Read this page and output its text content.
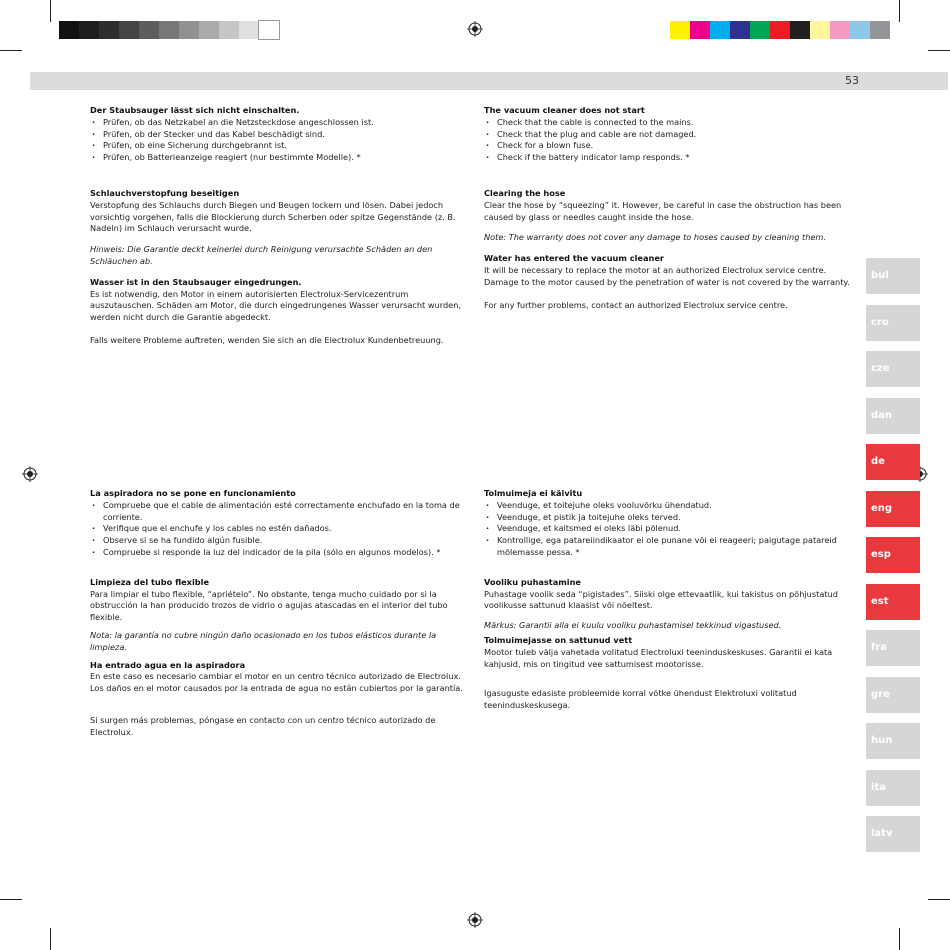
53
Der Staubsauger lässt sich nicht einschalten.
· Prüfen, ob das Netzkabel an die Netzsteckdose angeschlossen ist.
· Prüfen, ob der Stecker und das Kabel beschädigt sind.
· Prüfen, ob eine Sicherung durchgebrannt ist.
· Prüfen, ob Batterieanzeige reagiert (nur bestimmte Modelle). *
Schlauchverstopfung beseitigen

Verstopfung des Schlauchs durch Biegen und Beugen lockern und lösen. Dabei jedoch vorsichtig vorgehen, falls die Blockierung durch Scherben oder spitze Gegenstände (z. B. Nadeln) im Schlauch verursacht wurde.

Hinweis: Die Garantie deckt keinerlei durch Reinigung verursachte Schäden an den Schläuchen ab.

Wasser ist in den Staubsauger eingedrungen.

Es ist notwendig, den Motor in einem autorisierten Electrolux-Servicezentrum auszutauschen. Schäden am Motor, die durch eingedrungenes Wasser verursacht wurden, werden nicht durch die Garantie abgedeckt.

Falls weitere Probleme auftreten, wenden Sie sich an die Electrolux Kundenbetreuung.

The vacuum cleaner does not start
· Check that the cable is connected to the mains.
· Check that the plug and cable are not damaged.
· Check for a blown fuse.
· Check if the battery indicator lamp responds. *
Clearing the hose

Clear the hose by “squeezing” it. However, be careful in case the obstruction has been caused by glass or needles caught inside the hose.

Note: The warranty does not cover any damage to hoses caused by cleaning them.

Water has entered the vacuum cleaner

It will be necessary to replace the motor at an authorized Electrolux service centre. Damage to the motor caused by the penetration of water is not covered by the warranty.

For any further problems, contact an authorized Electrolux service centre.

La aspiradora no se pone en funcionamiento
· Compruebe que el cable de alimentación esté correctamente enchufado en la toma de corriente.
· Verifique que el enchufe y los cables no estén dañados.
· Observe si se ha fundido algún fusible.
· Compruebe si responde la luz del indicador de la pila (sólo en algunos modelos). *
Limpieza del tubo flexible

Para limpiar el tubo flexible, “apriételo”. No obstante, tenga mucho cuidado por si la obstrucción la han producido trozos de vidrio o agujas atascadas en el interior del tubo flexible.

Nota: la garantía no cubre ningún daño ocasionado en los tubos elásticos durante la limpieza.

Ha entrado agua en la aspiradora

En este caso es necesario cambiar el motor en un centro técnico autorizado de Electrolux. Los daños en el motor causados por la entrada de agua no están cubiertos por la garantía.

Si surgen más problemas, póngase en contacto con un centro técnico autorizado de Electrolux.

Tolmuimeja ei käivitu
· Veenduge, et toitejuhe oleks vooluvõrku ühendatud.
· Veenduge, et pistik ja toitejuhe oleks terved.
· Veenduge, et kaitsmed ei oleks läbi põlenud.
· Kontrollige, ega patareiindikaator ei ole punane või ei reageeri; paigutage patareid mõlemasse pessa. *
Vooliku puhastamine

Puhastage voolik seda “pigistades”. Siiski olge ettevaatlik, kui takistus on põhjustatud voolikusse sattunud klaasist või nõeltest.

Märkus: Garantii alla ei kuulu vooliku puhastamisel tekkinud vigastused.

Tolmuimejasse on sattunud vett

Mootor tuleb välja vahetada volitatud Electroluxi teeninduskeskuses. Garantii ei kata kahjusid, mis on tingitud vee sattumisest mootorisse.

Igasuguste edasiste probleemide korral võtke ühendust Elektroluxi volitatud teeninduskeskusega.

bul
cro
cze
dan
de
eng
esp
est
fra
gre
hun
ita
latv
